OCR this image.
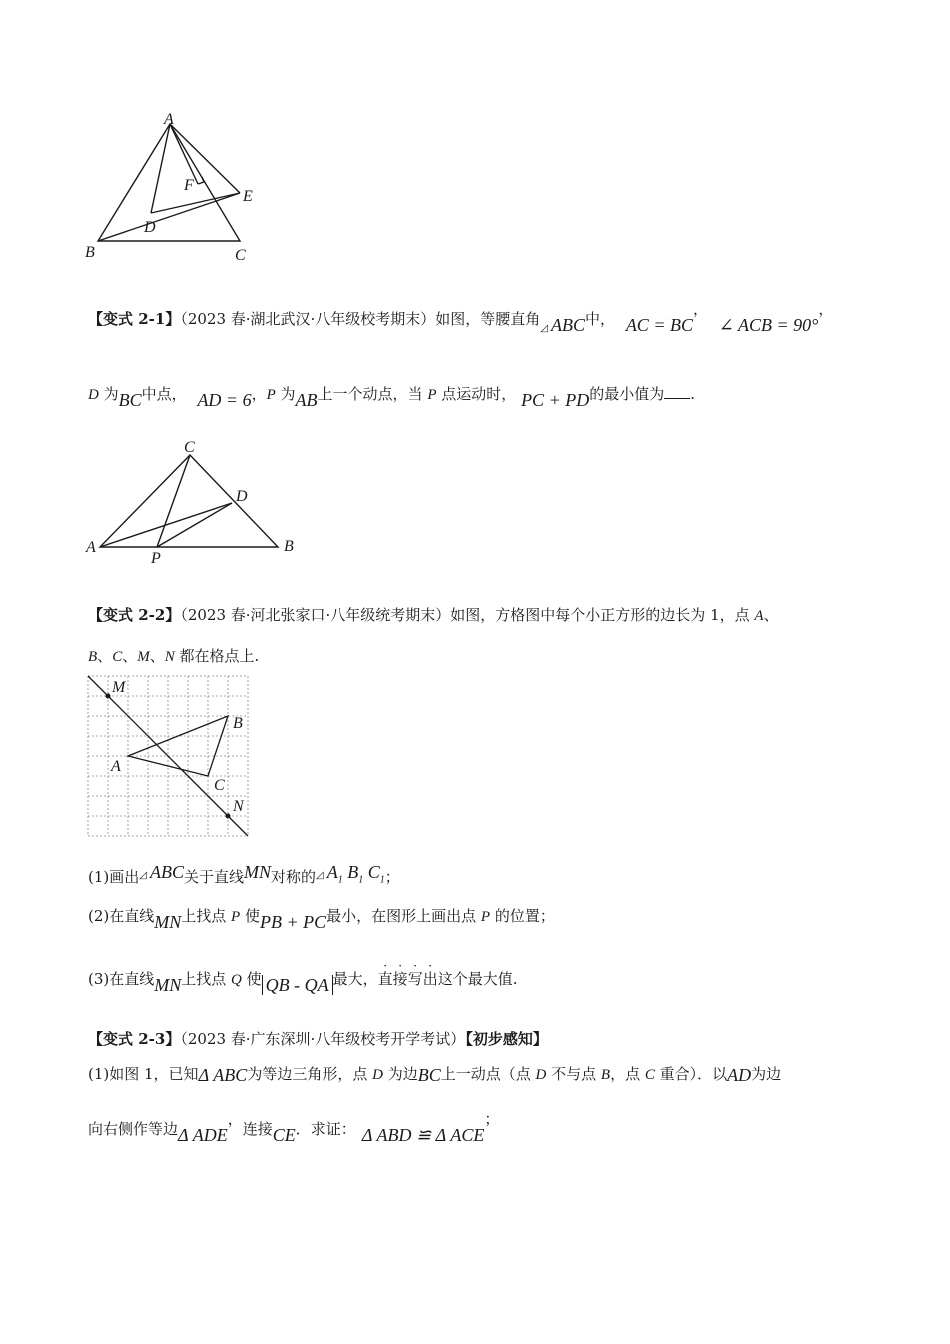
A
F
E
D
B	C
【变式 2-1】（2023 春·湖北武汉·八年级校考期末）如图，等腰直角◿ ABC中， AC = BC， ∠ ACB = 90°，
D 为BC中点， AD = 6，P 为AB上一个动点，当 P 点运动时， PC + PD的最小值为 .
C
D
A
P
B
【变式 2-2】（2023 春·河北张家口·八年级统考期末）如图，方格图中每个小正方形的边长为 1，点 A、
B、C、M、N 都在格点上.
M
B
A
C
N
(1)画出◿ ABC关于直线MN对称的◿ $A_1$ $B_1$ $C_1$；
(2)在直线MN上找点 P 使PB + PC最小，在图形上画出点 P 的位置；
(3)在直线MN上找点 Q 使 QB - QA 最大，
·
直
·
接
·
写
·
出这个最大值.
【变式 2-3】（2023 春·广东深圳·八年级校考开学考试）【初步感知】
(1)如图 1，已知Δ ABC为等边三角形，点 D 为边BC上一动点（点 D 不与点 B，点 C 重合）．以AD为边
向右侧作等边Δ ADE，连接CE．求证： Δ ABD ≌ Δ ACE；
